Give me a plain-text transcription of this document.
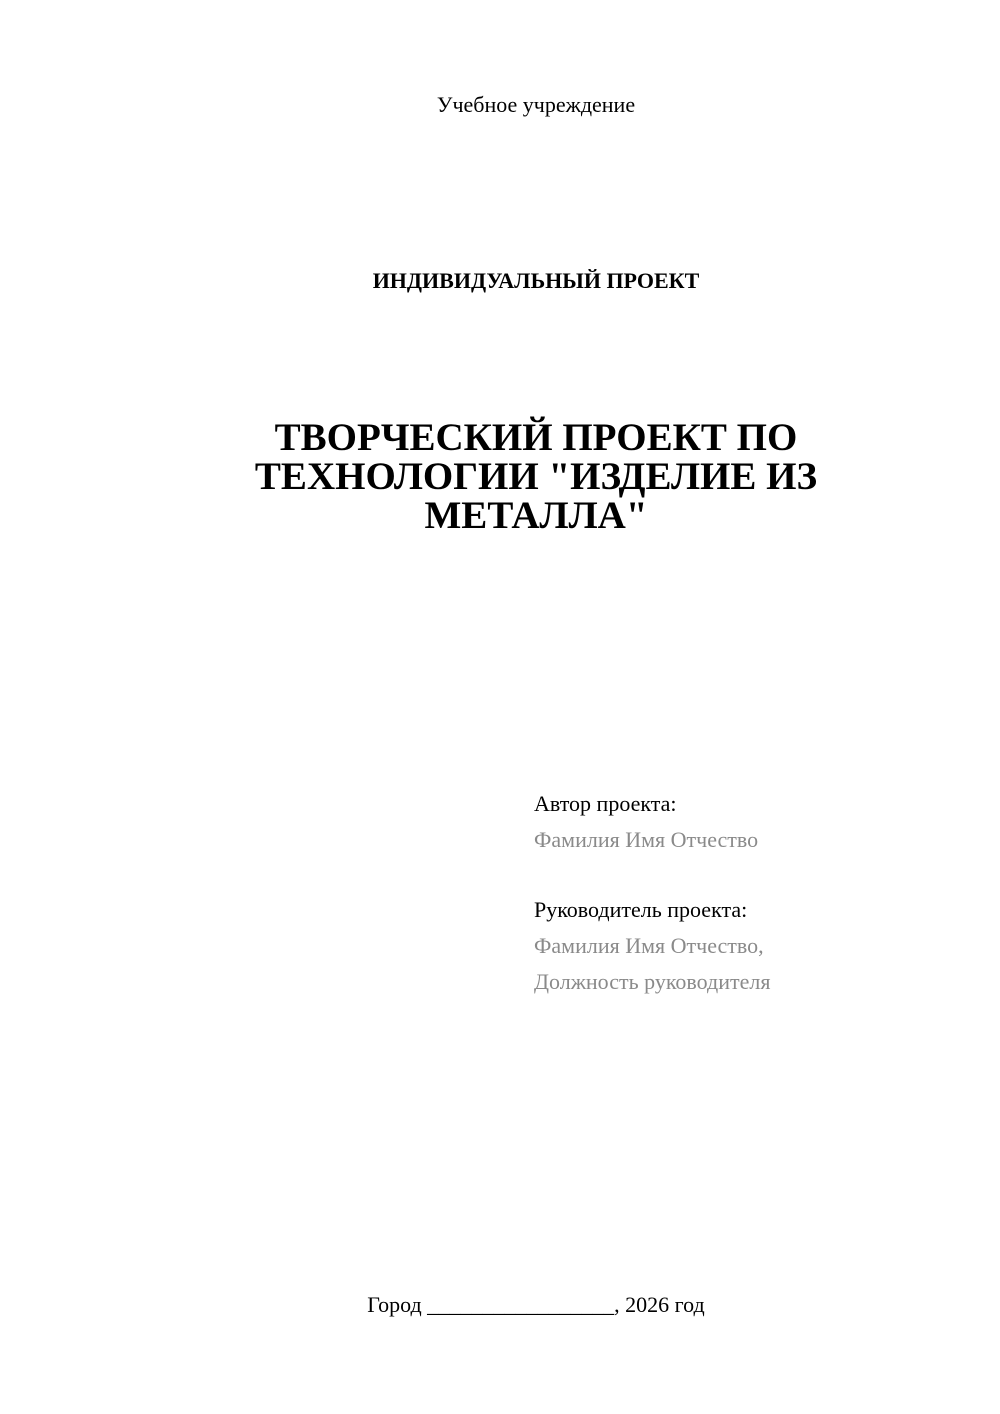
Учебное учреждение
ИНДИВИДУАЛЬНЫЙ ПРОЕКТ
ТВОРЧЕСКИЙ ПРОЕКТ ПО
ТЕХНОЛОГИИ "ИЗДЕЛИЕ ИЗ
МЕТАЛЛА"
Автор проекта:
Фамилия Имя Отчество
Руководитель проекта:
Фамилия Имя Отчество,
Должность руководителя
Город _________________, 2026 год
